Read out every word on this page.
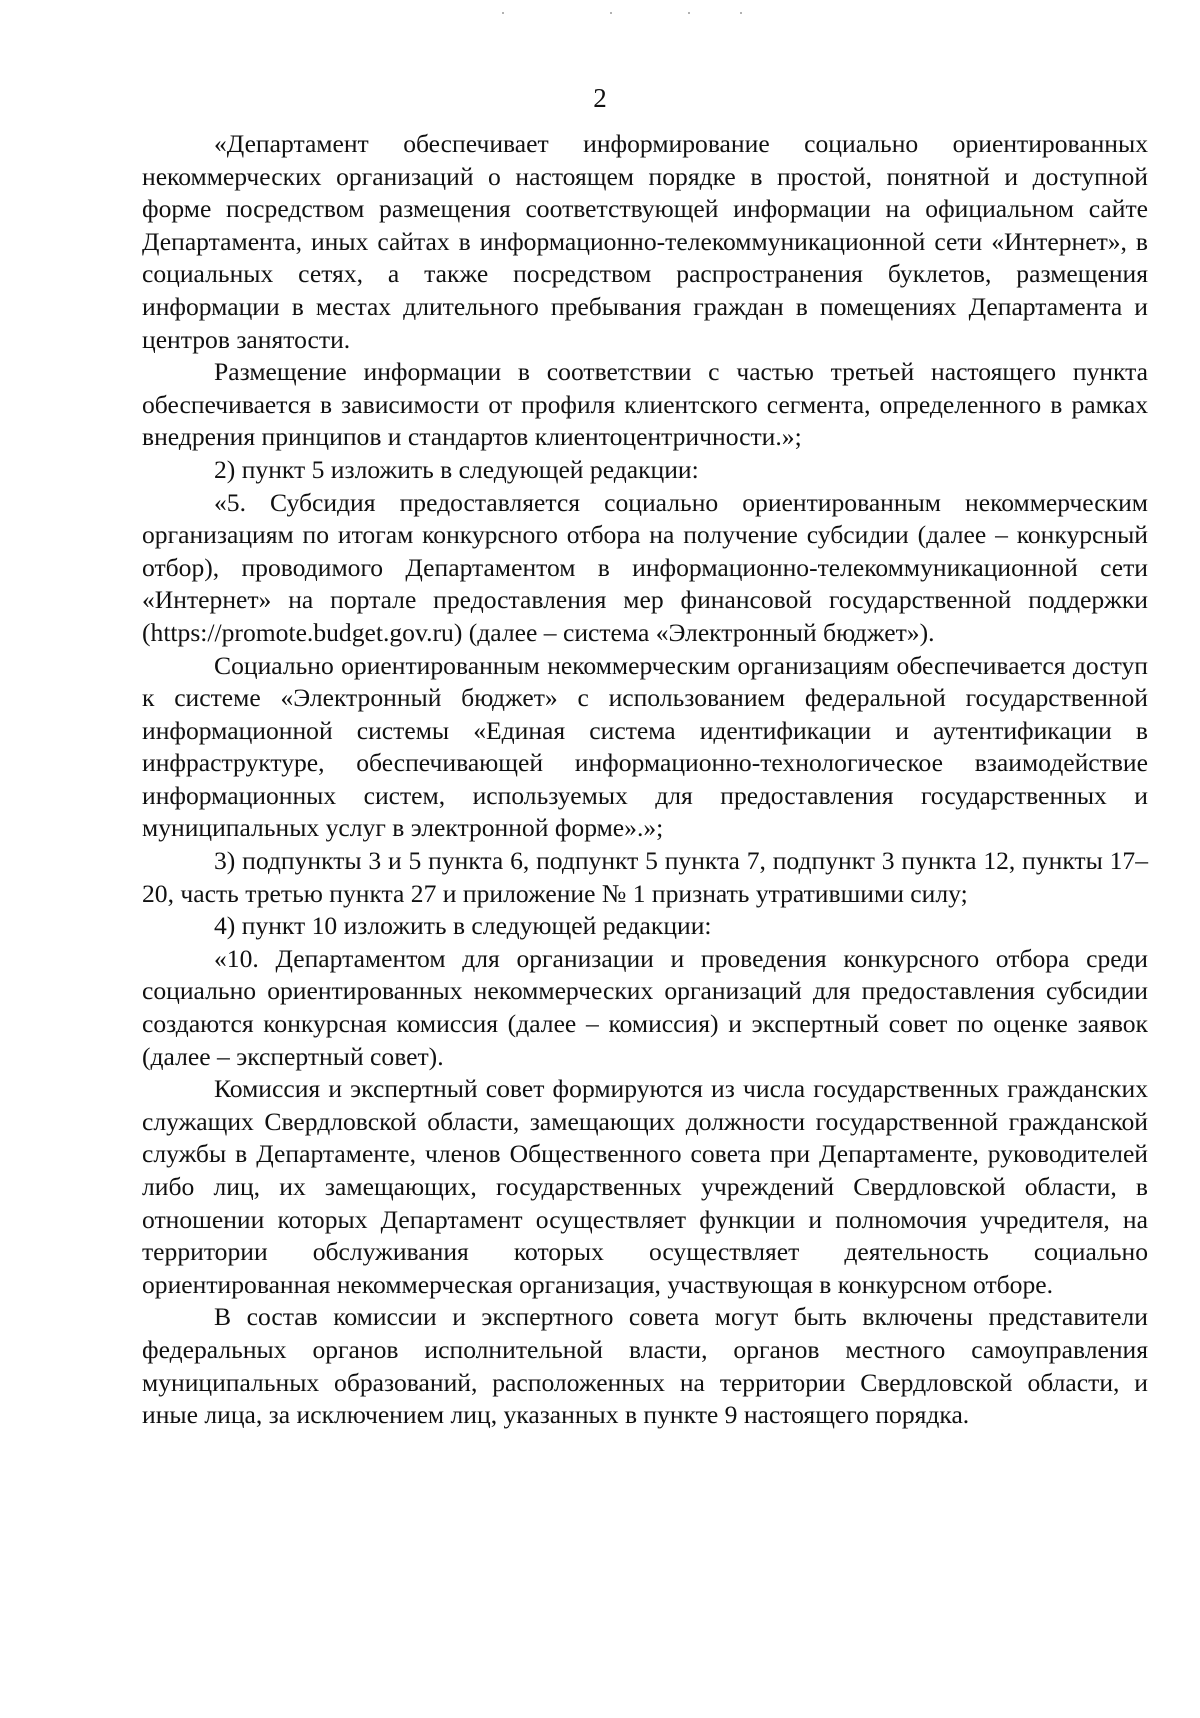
2

«Департамент обеспечивает информирование социально ориентированных некоммерческих организаций о настоящем порядке в простой, понятной и доступной форме посредством размещения соответствующей информации на официальном сайте Департамента, иных сайтах в информационно-телекоммуникационной сети «Интернет», в социальных сетях, а также посредством распространения буклетов, размещения информации в местах длительного пребывания граждан в помещениях Департамента и центров занятости.

Размещение информации в соответствии с частью третьей настоящего пункта обеспечивается в зависимости от профиля клиентского сегмента, определенного в рамках внедрения принципов и стандартов клиентоцентричности.»;

2) пункт 5 изложить в следующей редакции:

«5. Субсидия предоставляется социально ориентированным некоммерческим организациям по итогам конкурсного отбора на получение субсидии (далее – конкурсный отбор), проводимого Департаментом в информационно-телекоммуникационной сети «Интернет» на портале предоставления мер финансовой государственной поддержки (https://promote.budget.gov.ru) (далее – система «Электронный бюджет»).

Социально ориентированным некоммерческим организациям обеспечивается доступ к системе «Электронный бюджет» с использованием федеральной государственной информационной системы «Единая система идентификации и аутентификации в инфраструктуре, обеспечивающей информационно-технологическое взаимодействие информационных систем, используемых для предоставления государственных и муниципальных услуг в электронной форме».»;

3) подпункты 3 и 5 пункта 6, подпункт 5 пункта 7, подпункт 3 пункта 12, пункты 17–20, часть третью пункта 27 и приложение № 1 признать утратившими силу;

4) пункт 10 изложить в следующей редакции:

«10. Департаментом для организации и проведения конкурсного отбора среди социально ориентированных некоммерческих организаций для предоставления субсидии создаются конкурсная комиссия (далее – комиссия) и экспертный совет по оценке заявок (далее – экспертный совет).

Комиссия и экспертный совет формируются из числа государственных гражданских служащих Свердловской области, замещающих должности государственной гражданской службы в Департаменте, членов Общественного совета при Департаменте, руководителей либо лиц, их замещающих, государственных учреждений Свердловской области, в отношении которых Департамент осуществляет функции и полномочия учредителя, на территории обслуживания которых осуществляет деятельность социально ориентированная некоммерческая организация, участвующая в конкурсном отборе.

В состав комиссии и экспертного совета могут быть включены представители федеральных органов исполнительной власти, органов местного самоуправления муниципальных образований, расположенных на территории Свердловской области, и иные лица, за исключением лиц, указанных в пункте 9 настоящего порядка.
